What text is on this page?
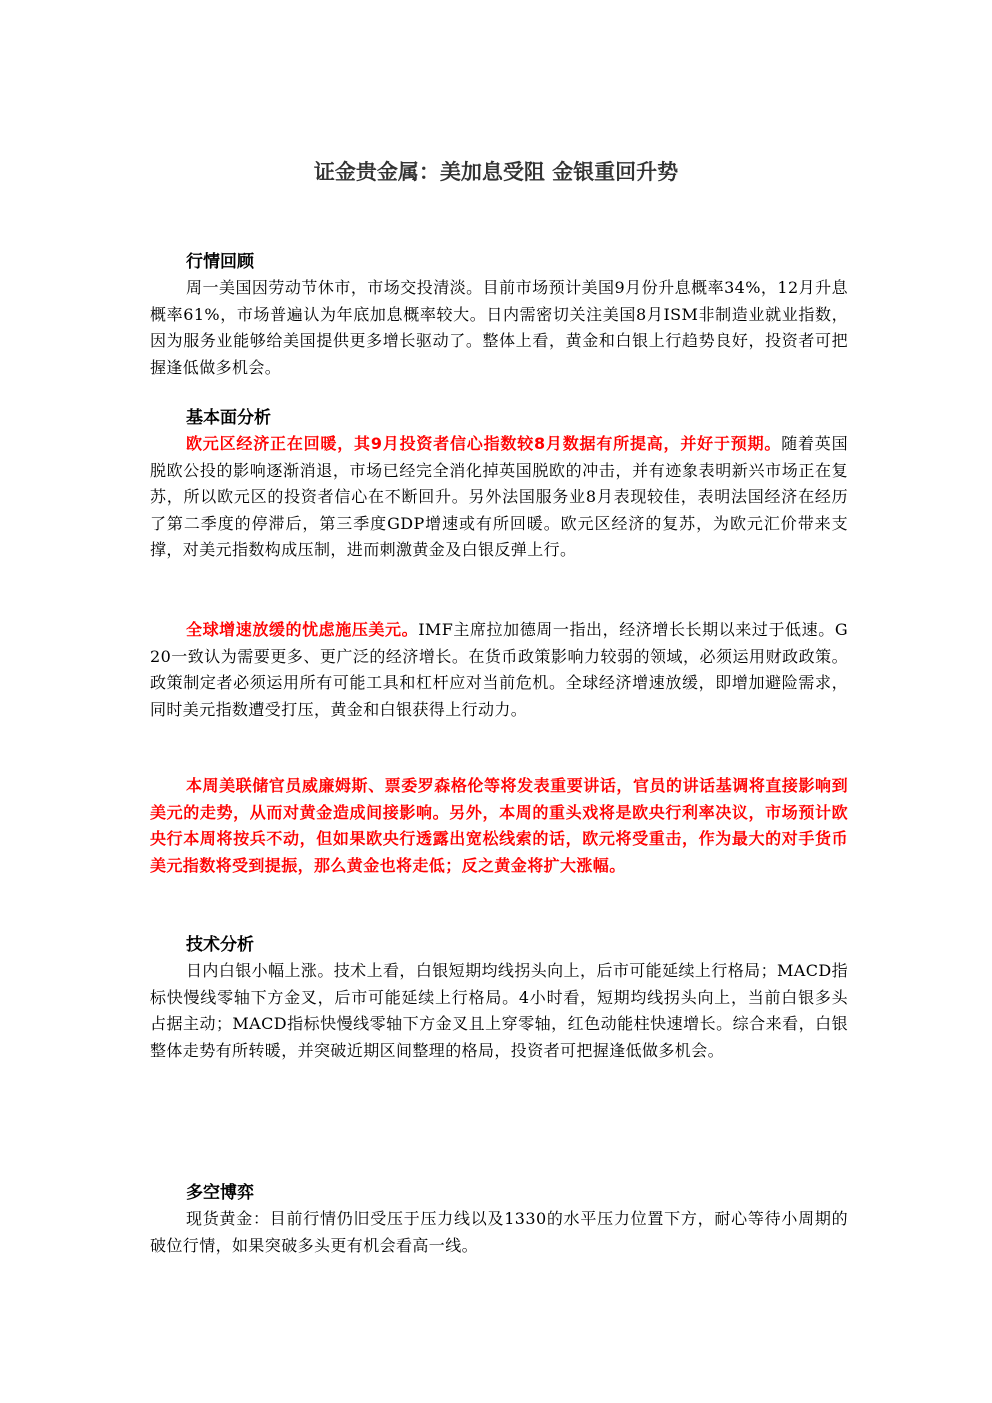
证金贵金属：美加息受阻 金银重回升势
行情回顾

周一美国因劳动节休市，市场交投清淡。目前市场预计美国9月份升息概率34%，12月升息概率61%，市场普遍认为年底加息概率较大。日内需密切关注美国8月ISM非制造业就业指数，因为服务业能够给美国提供更多增长驱动了。整体上看，黄金和白银上行趋势良好，投资者可把握逢低做多机会。

基本面分析

欧元区经济正在回暖，其9月投资者信心指数较8月数据有所提高，并好于预期。随着英国脱欧公投的影响逐渐消退，市场已经完全消化掉英国脱欧的冲击，并有迹象表明新兴市场正在复苏，所以欧元区的投资者信心在不断回升。另外法国服务业8月表现较佳，表明法国经济在经历了第二季度的停滞后，第三季度GDP增速或有所回暖。欧元区经济的复苏，为欧元汇价带来支撑，对美元指数构成压制，进而刺激黄金及白银反弹上行。

全球增速放缓的忧虑施压美元。IMF主席拉加德周一指出，经济增长长期以来过于低速。G20一致认为需要更多、更广泛的经济增长。在货币政策影响力较弱的领域，必须运用财政政策。政策制定者必须运用所有可能工具和杠杆应对当前危机。全球经济增速放缓，即增加避险需求，同时美元指数遭受打压，黄金和白银获得上行动力。

本周美联储官员威廉姆斯、票委罗森格伦等将发表重要讲话，官员的讲话基调将直接影响到美元的走势，从而对黄金造成间接影响。另外，本周的重头戏将是欧央行利率决议，市场预计欧央行本周将按兵不动，但如果欧央行透露出宽松线索的话，欧元将受重击，作为最大的对手货币美元指数将受到提振，那么黄金也将走低；反之黄金将扩大涨幅。

技术分析

日内白银小幅上涨。技术上看，白银短期均线拐头向上，后市可能延续上行格局；MACD指标快慢线零轴下方金叉，后市可能延续上行格局。4小时看，短期均线拐头向上，当前白银多头占据主动；MACD指标快慢线零轴下方金叉且上穿零轴，红色动能柱快速增长。综合来看，白银整体走势有所转暖，并突破近期区间整理的格局，投资者可把握逢低做多机会。

多空博弈

现货黄金：目前行情仍旧受压于压力线以及1330的水平压力位置下方，耐心等待小周期的破位行情，如果突破多头更有机会看高一线。
